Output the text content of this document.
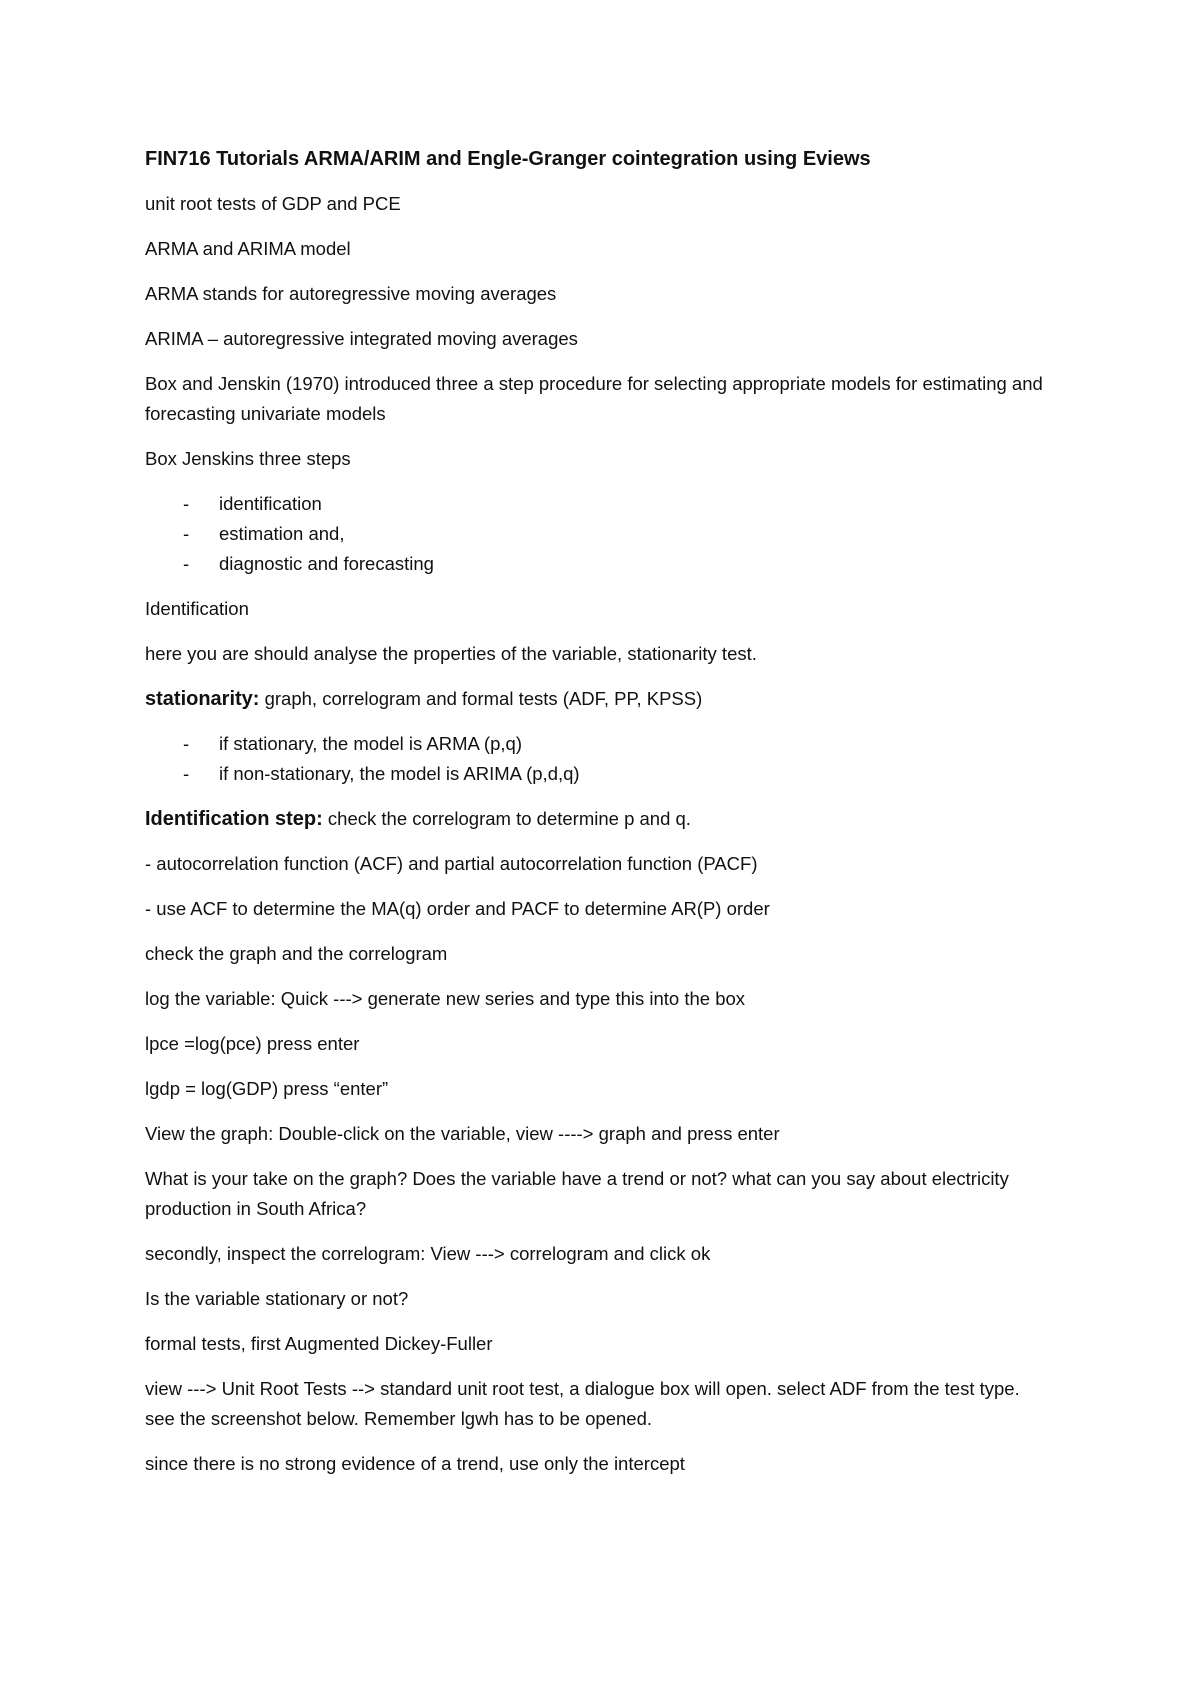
FIN716 Tutorials ARMA/ARIM and Engle-Granger cointegration using Eviews
unit root tests of GDP and PCE
ARMA and ARIMA model
ARMA stands for autoregressive moving averages
ARIMA – autoregressive integrated moving averages
Box and Jenskin (1970) introduced three a step procedure for selecting appropriate models for estimating and forecasting univariate models
Box Jenskins three steps
- identification
- estimation and,
- diagnostic and forecasting
Identification
here you are should analyse the properties of the variable, stationarity test.
stationarity: graph, correlogram and formal tests (ADF, PP, KPSS)
- if stationary, the model is ARMA (p,q)
- if non-stationary, the model is ARIMA (p,d,q)
Identification step: check the correlogram to determine p and q.
- autocorrelation function (ACF) and partial autocorrelation function (PACF)
- use ACF to determine the MA(q) order and PACF to determine AR(P) order
check the graph and the correlogram
log the variable: Quick ---> generate new series and type this into the box
lpce =log(pce) press enter
lgdp = log(GDP) press “enter”
View the graph: Double-click on the variable, view ----> graph and press enter
What is your take on the graph? Does the variable have a trend or not? what can you say about electricity production in South Africa?
secondly, inspect the correlogram: View ---> correlogram and click ok
Is the variable stationary or not?
formal tests, first Augmented Dickey-Fuller
view ---> Unit Root Tests --> standard unit root test, a dialogue box will open. select ADF from the test type. see the screenshot below. Remember lgwh has to be opened.
since there is no strong evidence of a trend, use only the intercept
